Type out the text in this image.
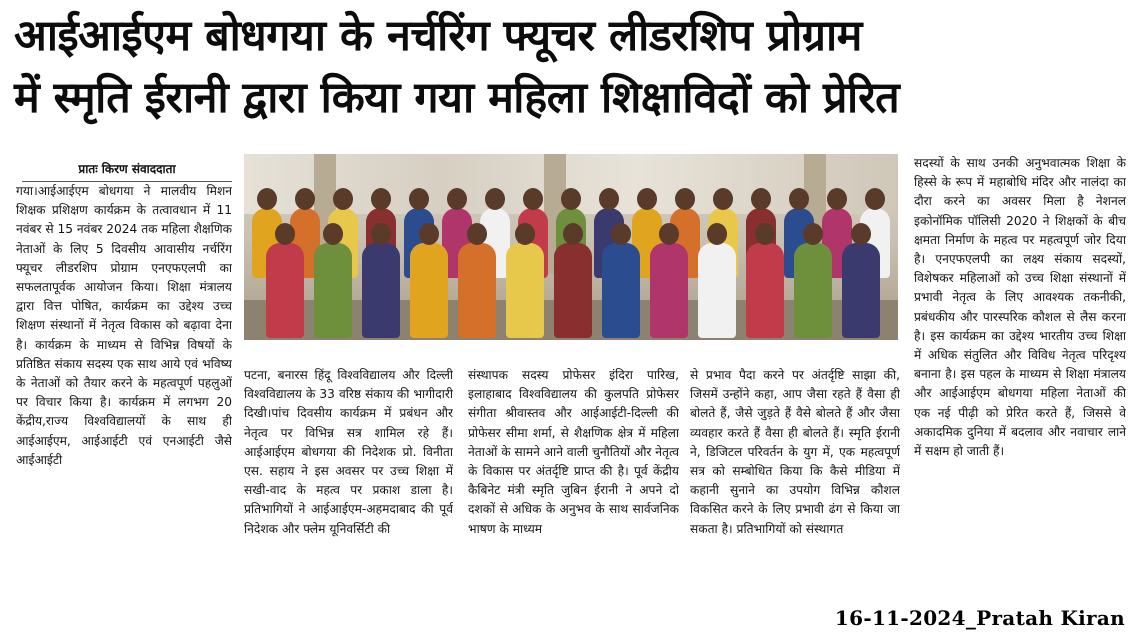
आईआईएम बोधगया के नर्चरिंग फ्यूचर लीडरशिप प्रोग्राम
में स्मृति ईरानी द्वारा किया गया महिला शिक्षाविदों को प्रेरित
प्रातः किरण संवाददाता

गया।आईआईएम बोधगया ने मालवीय मिशन शिक्षक प्रशिक्षण कार्यक्रम के तत्वावधान में 11 नवंबर से 15 नवंबर 2024 तक महिला शैक्षणिक नेताओं के लिए 5 दिवसीय आवासीय नर्चरिंग फ्यूचर लीडरशिप प्रोग्राम एनएफएलपी का सफलतापूर्वक आयोजन किया। शिक्षा मंत्रालय द्वारा वित्त पोषित, कार्यक्रम का उद्देश्य उच्च शिक्षण संस्थानों में नेतृत्व विकास को बढ़ावा देना है। कार्यक्रम के माध्यम से विभिन्न विषयों के प्रतिष्ठित संकाय सदस्य एक साथ आये एवं भविष्य के नेताओं को तैयार करने के महत्वपूर्ण पहलुओं पर विचार किया है। कार्यक्रम में लगभग 20 केंद्रीय,राज्य विश्वविद्यालयों के साथ ही आईआईएम, आईआईटी एवं एनआईटी जैसे आईआईटी

पटना, बनारस हिंदू विश्वविद्यालय और दिल्ली विश्वविद्यालय के 33 वरिष्ठ संकाय की भागीदारी दिखी।पांच दिवसीय कार्यक्रम में प्रबंधन और नेतृत्व पर विभिन्न सत्र शामिल रहे हैं। आईआईएम बोधगया की निदेशक प्रो. विनीता एस. सहाय ने इस अवसर पर उच्च शिक्षा में सखी-वाद के महत्व पर प्रकाश डाला है। प्रतिभागियों ने आईआईएम-अहमदाबाद की पूर्व निदेशक और फ्लेम यूनिवर्सिटी की

संस्थापक सदस्य प्रोफेसर इंदिरा पारिख, इलाहाबाद विश्वविद्यालय की कुलपति प्रोफेसर संगीता श्रीवास्तव और आईआईटी-दिल्ली की प्रोफेसर सीमा शर्मा, से शैक्षणिक क्षेत्र में महिला नेताओं के सामने आने वाली चुनौतियों और नेतृत्व के विकास पर अंतर्दृष्टि प्राप्त की है। पूर्व केंद्रीय कैबिनेट मंत्री स्मृति जुबिन ईरानी ने अपने दो दशकों से अधिक के अनुभव के साथ सार्वजनिक भाषण के माध्यम

से प्रभाव पैदा करने पर अंतर्दृष्टि साझा की, जिसमें उन्होंने कहा, आप जैसा रहते हैं वैसा ही बोलते हैं, जैसे जुड़ते हैं वैसे बोलते हैं और जैसा व्यवहार करते हैं वैसा ही बोलते हैं। स्मृति ईरानी ने, डिजिटल परिवर्तन के युग में, एक महत्वपूर्ण सत्र को सम्बोधित किया कि कैसे मीडिया में कहानी सुनाने का उपयोग विभिन्न कौशल विकसित करने के लिए प्रभावी ढंग से किया जा सकता है। प्रतिभागियों को संस्थागत

सदस्यों के साथ उनकी अनुभवात्मक शिक्षा के हिस्से के रूप में महाबोधि मंदिर और नालंदा का दौरा करने का अवसर मिला है नेशनल इकोनॉमिक पॉलिसी 2020 ने शिक्षकों के बीच क्षमता निर्माण के महत्व पर महत्वपूर्ण जोर दिया है। एनएफएलपी का लक्ष्य संकाय सदस्यों, विशेषकर महिलाओं को उच्च शिक्षा संस्थानों में प्रभावी नेतृत्व के लिए आवश्यक तकनीकी, प्रबंधकीय और पारस्परिक कौशल से लैस करना है। इस कार्यक्रम का उद्देश्य भारतीय उच्च शिक्षा में अधिक संतुलित और विविध नेतृत्व परिदृश्य बनाना है। इस पहल के माध्यम से शिक्षा मंत्रालय और आईआईएम बोधगया महिला नेताओं की एक नई पीढ़ी को प्रेरित करते हैं, जिससे वे अकादमिक दुनिया में बदलाव और नवाचार लाने में सक्षम हो जाती हैं।

16-11-2024_Pratah Kiran
